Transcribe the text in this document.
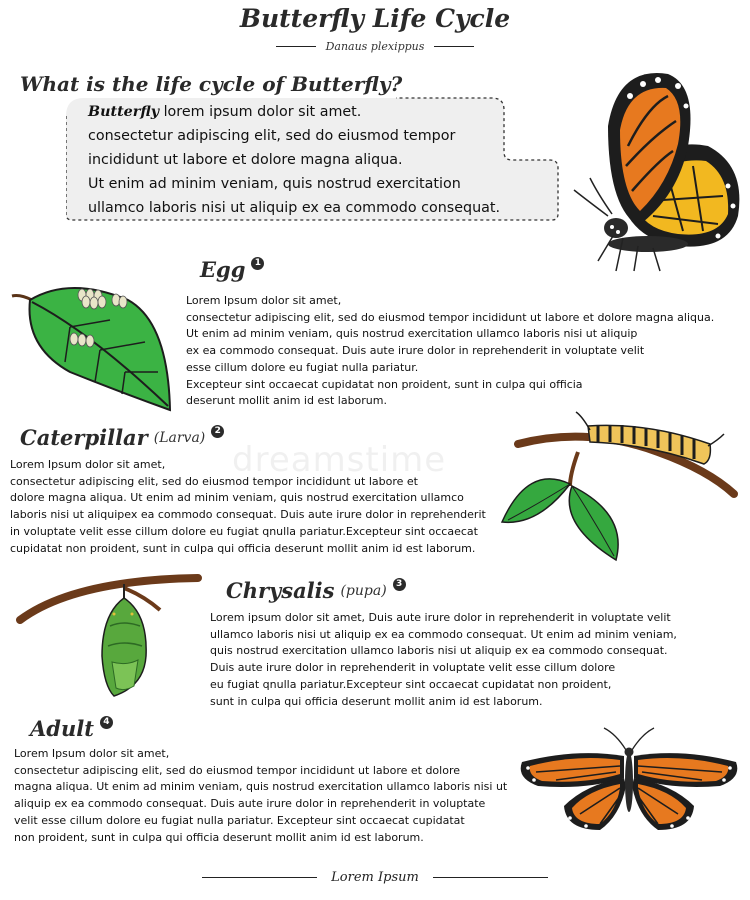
Butterfly Life Cycle
Danaus plexippus
What is the life cycle of Butterfly?
Butterfly lorem ipsum dolor sit amet.
consectetur adipiscing elit, sed do eiusmod tempor
incididunt ut labore et dolore magna aliqua.
Ut enim ad minim veniam, quis nostrud exercitation
ullamco laboris nisi ut aliquip ex ea commodo consequat.
Egg	1
Lorem Ipsum dolor sit amet,
consectetur adipiscing elit, sed do eiusmod tempor incididunt ut labore et dolore magna aliqua.
Ut enim ad minim veniam, quis nostrud exercitation ullamco laboris nisi ut aliquip
ex ea commodo consequat. Duis aute irure dolor in reprehenderit in voluptate velit
esse cillum dolore eu fugiat nulla pariatur.
Excepteur sint occaecat cupidatat non proident, sunt in culpa qui officia
deserunt mollit anim id est laborum.
dreamstime
Caterpillar (Larva)	2
Lorem Ipsum dolor sit amet,
consectetur adipiscing elit, sed do eiusmod tempor incididunt ut labore et
dolore magna aliqua. Ut enim ad minim veniam, quis nostrud exercitation ullamco
laboris nisi ut aliquipex ea commodo consequat. Duis aute irure dolor in reprehenderit
in voluptate velit esse cillum dolore eu fugiat qnulla pariatur.Excepteur sint occaecat
cupidatat non proident, sunt in culpa qui officia deserunt mollit anim id est laborum.
Chrysalis (pupa)	3
Lorem ipsum dolor sit amet, Duis aute irure dolor in reprehenderit in voluptate velit
ullamco laboris nisi ut aliquip ex ea commodo consequat. Ut enim ad minim veniam,
quis nostrud exercitation ullamco laboris nisi ut aliquip ex ea commodo consequat.
Duis aute irure dolor in reprehenderit in voluptate velit esse cillum dolore
eu fugiat qnulla pariatur.Excepteur sint occaecat cupidatat non proident,
sunt in culpa qui officia deserunt mollit anim id est laborum.
Adult	4
Lorem Ipsum dolor sit amet,
consectetur adipiscing elit, sed do eiusmod tempor incididunt ut labore et dolore
magna aliqua. Ut enim ad minim veniam, quis nostrud exercitation ullamco laboris nisi ut
aliquip ex ea commodo consequat. Duis aute irure dolor in reprehenderit in voluptate
velit esse cillum dolore eu fugiat nulla pariatur. Excepteur sint occaecat cupidatat
non proident, sunt in culpa qui officia deserunt mollit anim id est laborum.
Lorem Ipsum
